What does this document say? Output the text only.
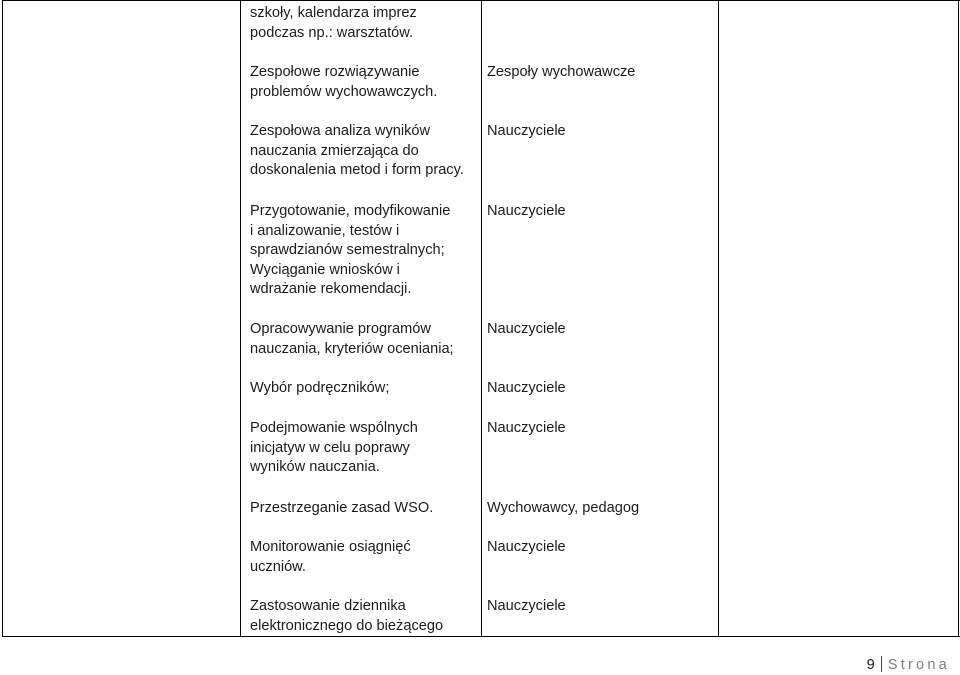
szkoły, kalendarza imprez
podczas np.: warsztatów.
Zespołowe rozwiązywanie
problemów wychowawczych.
Zespoły wychowawcze
Zespołowa analiza wyników
nauczania zmierzająca do
doskonalenia metod i form pracy.
Nauczyciele
Przygotowanie, modyfikowanie
i analizowanie, testów i
sprawdzianów semestralnych;
Wyciąganie wniosków i
wdrażanie rekomendacji.
Nauczyciele
Opracowywanie programów
nauczania, kryteriów oceniania;
Nauczyciele
Wybór podręczników;	Nauczyciele
Podejmowanie wspólnych
inicjatyw w celu poprawy
wyników nauczania.
Nauczyciele
Przestrzeganie zasad WSO.	Wychowawcy, pedagog
Monitorowanie osiągnięć
uczniów.
Nauczyciele
Zastosowanie dziennika
elektronicznego do bieżącego
Nauczyciele
9 Strona
